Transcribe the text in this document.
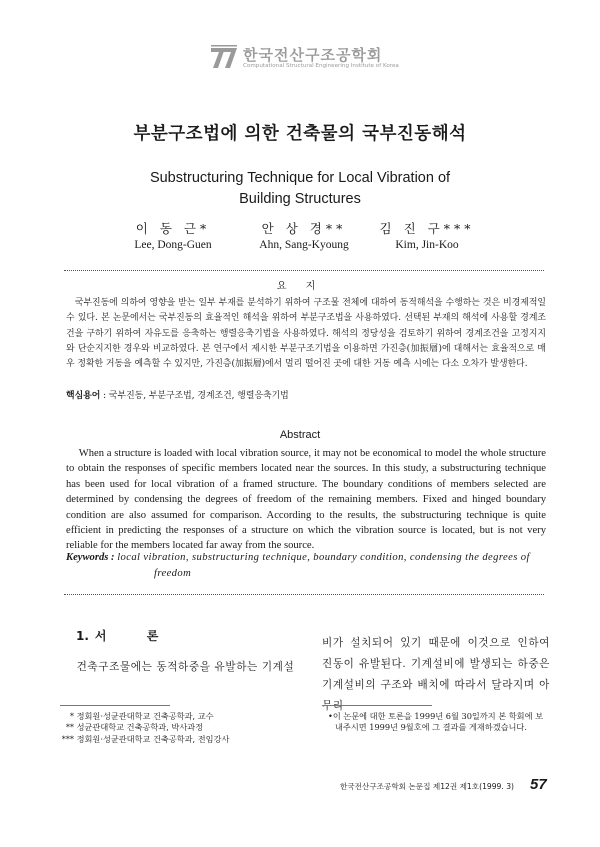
한국전산구조공학회
Computational Structural Engineering Institute of Korea
부분구조법에 의한 건축물의 국부진동해석
Substructuring Technique for Local Vibration of
Building Structures
이 동 근*
Lee, Dong-Guen
안 상 경**
Ahn, Sang-Kyoung
김 진 구***
Kim, Jin-Koo
요 지
국부진동에 의하여 영향을 받는 일부 부재를 분석하기 위하여 구조물 전체에 대하여 동적해석을 수행하는 것은 비경제적일 수 있다. 본 논문에서는 국부진동의 효율적인 해석을 위하여 부분구조법을 사용하였다. 선택된 부재의 해석에 사용할 경계조건을 구하기 위하여 자유도를 응축하는 행렬응축기법을 사용하였다. 해석의 정당성을 검토하기 위하여 경계조건을 고정지지와 단순지지한 경우와 비교하였다. 본 연구에서 제시한 부분구조기법을 이용하면 가진층(加振層)에 대해서는 효율적으로 매우 정확한 거동을 예측할 수 있지만, 가진층(加振層)에서 멀리 떨어진 곳에 대한 거동 예측 시에는 다소 오차가 발생한다.
핵심용어 : 국부진동, 부분구조법, 경계조건, 행렬응축기법
Abstract
When a structure is loaded with local vibration source, it may not be economical to model the whole structure to obtain the responses of specific members located near the sources. In this study, a substructuring technique has been used for local vibration of a framed structure. The boundary conditions of members selected are determined by condensing the degrees of freedom of the remaining members. Fixed and hinged boundary condition are also assumed for comparison. According to the results, the substructuring technique is quite efficient in predicting the responses of a structure on which the vibration source is located, but is not very reliable for the members located far away from the source.
Keywords : local vibration, substructuring technique, boundary condition, condensing the degrees of
freedom
1. 서 론
건축구조물에는 동적하중을 유발하는 기계설
비가 설치되어 있기 때문에 이것으로 인하여 진동이 유발된다. 기계설비에 발생되는 하중은 기계설비의 구조와 배치에 따라서 달라지며 아무리
* 정회원·성균관대학교 건축공학과, 교수
** 성균관대학교 건축공학과, 박사과정
*** 정회원·성균관대학교 건축공학과, 전임강사
•이 논문에 대한 토론을 1999년 6월 30일까지 본 학회에 보
내주시면 1999년 9월호에 그 결과를 게재하겠습니다.
한국전산구조공학회 논문집 제12권 제1호(1999. 3) 57
